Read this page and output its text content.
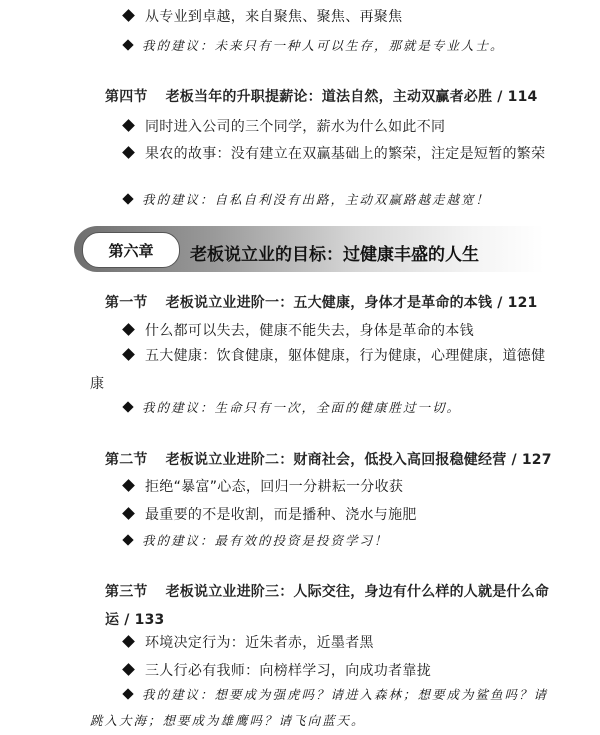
从专业到卓越，来自聚焦、聚焦、再聚焦
我的建议：未来只有一种人可以生存，那就是专业人士。
第四节 老板当年的升职提薪论：道法自然，主动双赢者必胜 / 114
同时进入公司的三个同学，薪水为什么如此不同
果农的故事：没有建立在双赢基础上的繁荣，注定是短暂的繁荣
我的建议：自私自利没有出路，主动双赢路越走越宽！
第六章	老板说立业的目标：过健康丰盛的人生
第一节 老板说立业进阶一：五大健康，身体才是革命的本钱 / 121
什么都可以失去，健康不能失去，身体是革命的本钱
五大健康：饮食健康，躯体健康，行为健康，心理健康，道德健康
我的建议：生命只有一次，全面的健康胜过一切。
第二节 老板说立业进阶二：财商社会，低投入高回报稳健经营 / 127
拒绝“暴富”心态，回归一分耕耘一分收获
最重要的不是收割，而是播种、浇水与施肥
我的建议：最有效的投资是投资学习！
第三节 老板说立业进阶三：人际交往，身边有什么样的人就是什么命运 / 133
环境决定行为：近朱者赤，近墨者黑
三人行必有我师：向榜样学习，向成功者靠拢
我的建议：想要成为强虎吗？请进入森林；想要成为鲨鱼吗？请跳入大海；想要成为雄鹰吗？请飞向蓝天。
